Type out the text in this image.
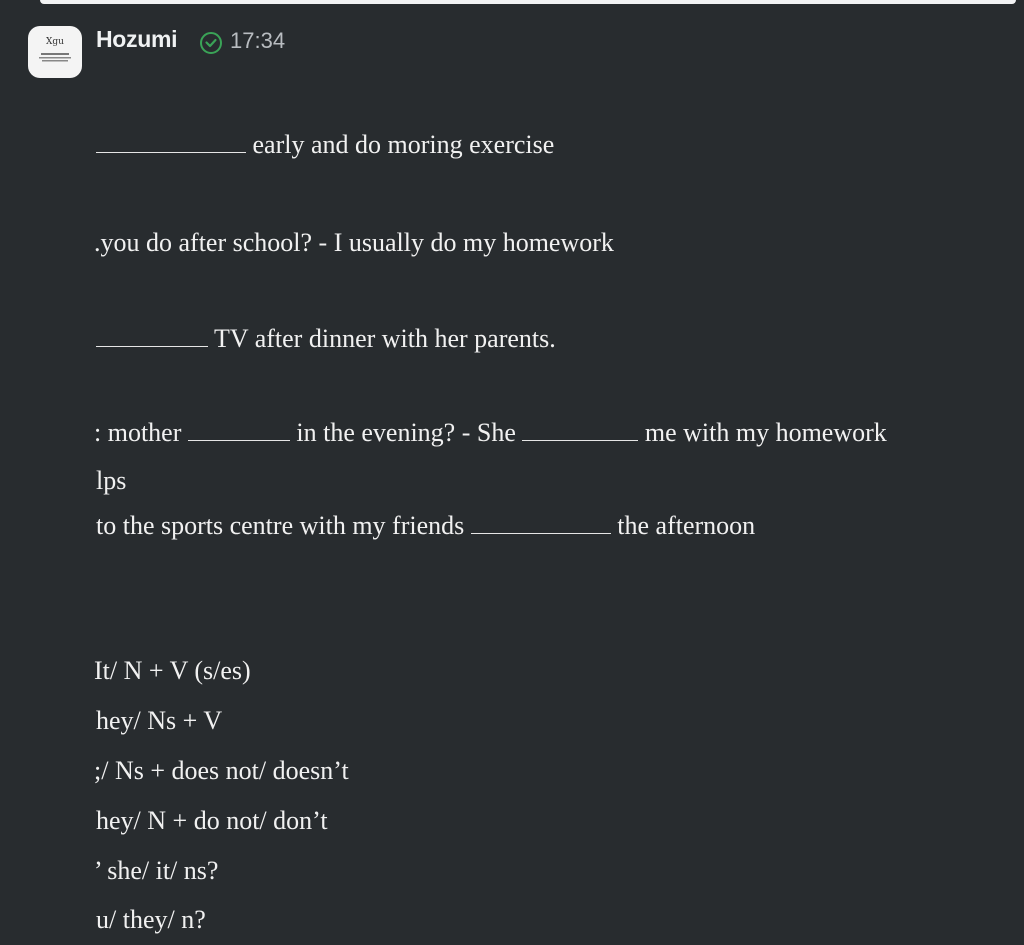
Xgu Hozumi 17:34
early and do moring exercise
.you do after school? - I usually do my homework
TV after dinner with her parents.
: mother	in the evening? - She	me with my homework
lps
to the sports centre with my friends	the afternoon
It/ N + V (s/es)
hey/ Ns + V
;/ Ns + does not/ doesn’t
hey/ N + do not/ don’t
’ she/ it/ ns?
u/ they/ n?
